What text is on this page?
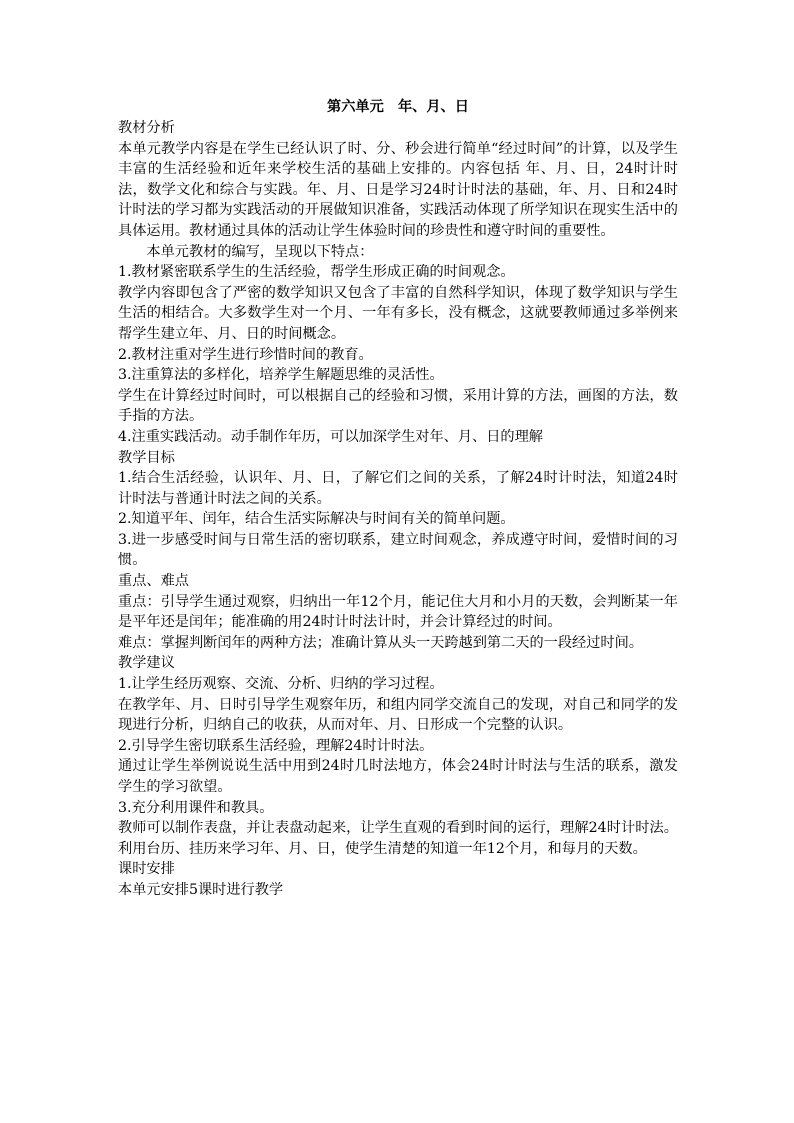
第六单元　年、月、日

教材分析

本单元教学内容是在学生已经认识了时、分、秒会进行简单“经过时间”的计算，以及学生丰富的生活经验和近年来学校生活的基础上安排的。内容包括 年、月、日，24时计时法，数学文化和综合与实践。年、月、日是学习24时计时法的基础，年、月、日和24时计时法的学习都为实践活动的开展做知识准备，实践活动体现了所学知识在现实生活中的具体运用。教材通过具体的活动让学生体验时间的珍贵性和遵守时间的重要性。

本单元教材的编写，呈现以下特点：

1.教材紧密联系学生的生活经验，帮学生形成正确的时间观念。

教学内容即包含了严密的数学知识又包含了丰富的自然科学知识，体现了数学知识与学生生活的相结合。大多数学生对一个月、一年有多长，没有概念，这就要教师通过多举例来帮学生建立年、月、日的时间概念。

2.教材注重对学生进行珍惜时间的教育。

3.注重算法的多样化，培养学生解题思维的灵活性。

学生在计算经过时间时，可以根据自己的经验和习惯，采用计算的方法，画图的方法，数手指的方法。

4.注重实践活动。动手制作年历，可以加深学生对年、月、日的理解

教学目标

1.结合生活经验，认识年、月、日，了解它们之间的关系，了解24时计时法，知道24时计时法与普通计时法之间的关系。

2.知道平年、闰年，结合生活实际解决与时间有关的简单问题。

3.进一步感受时间与日常生活的密切联系，建立时间观念，养成遵守时间，爱惜时间的习惯。

重点、难点

重点：引导学生通过观察，归纳出一年12个月，能记住大月和小月的天数，会判断某一年是平年还是闰年；能准确的用24时计时法计时，并会计算经过的时间。

难点：掌握判断闰年的两种方法；准确计算从头一天跨越到第二天的一段经过时间。

教学建议

1.让学生经历观察、交流、分析、归纳的学习过程。

在教学年、月、日时引导学生观察年历，和组内同学交流自己的发现，对自己和同学的发现进行分析，归纳自己的收获，从而对年、月、日形成一个完整的认识。

2.引导学生密切联系生活经验，理解24时计时法。

通过让学生举例说说生活中用到24时几时法地方，体会24时计时法与生活的联系，激发学生的学习欲望。

3.充分利用课件和教具。

教师可以制作表盘，并让表盘动起来，让学生直观的看到时间的运行，理解24时计时法。利用台历、挂历来学习年、月、日，使学生清楚的知道一年12个月，和每月的天数。

课时安排

本单元安排5课时进行教学
